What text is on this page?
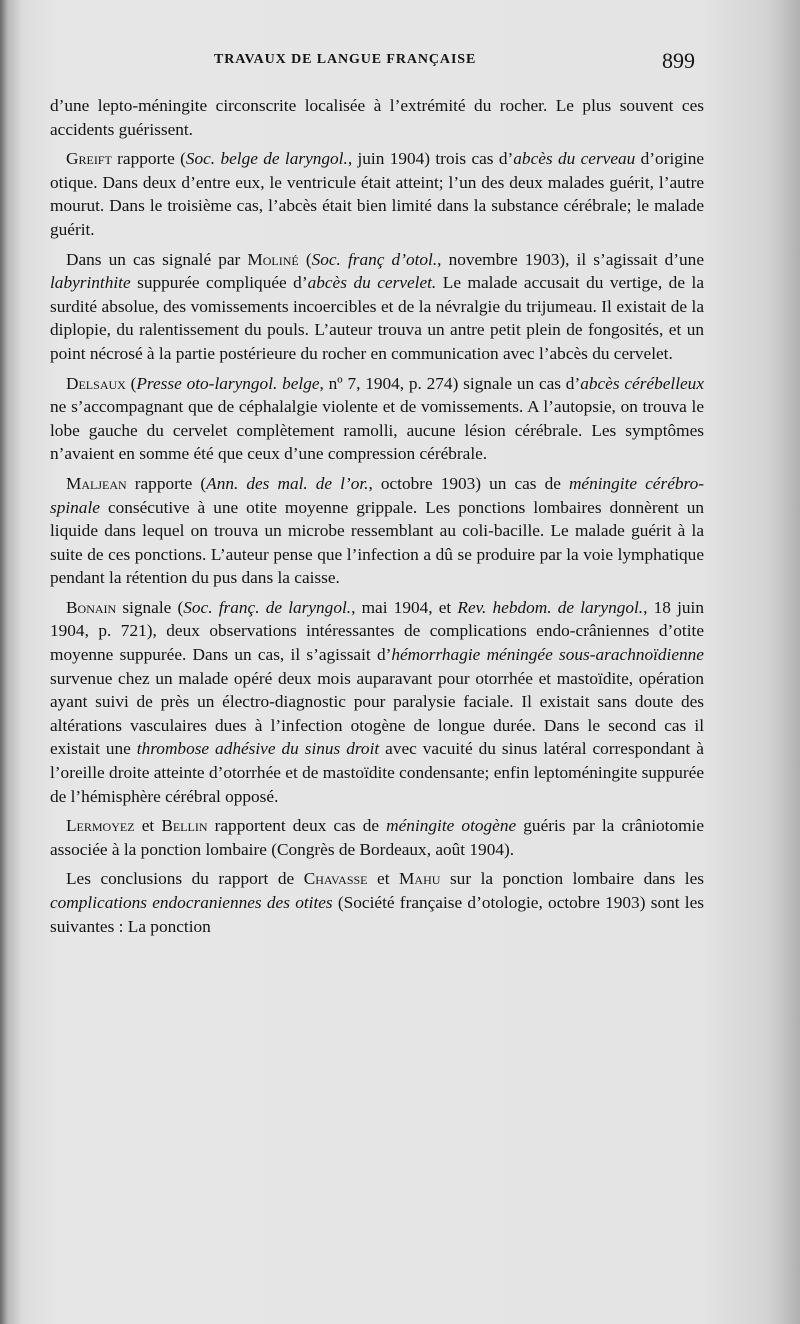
TRAVAUX DE LANGUE FRANÇAISE	899

d’une lepto-méningite circonscrite localisée à l’extrémité du rocher. Le plus souvent ces accidents guérissent.

Greift rapporte (Soc. belge de laryngol., juin 1904) trois cas d’abcès du cerveau d’origine otique. Dans deux d’entre eux, le ventricule était atteint; l’un des deux malades guérit, l’autre mourut. Dans le troisième cas, l’abcès était bien limité dans la substance cérébrale; le malade guérit.

Dans un cas signalé par Moliné (Soc. franç d’otol., novembre 1903), il s’agissait d’une labyrinthite suppurée compliquée d’abcès du cervelet. Le malade accusait du vertige, de la surdité absolue, des vomissements incoercibles et de la névralgie du trijumeau. Il existait de la diplopie, du ralentissement du pouls. L’auteur trouva un antre petit plein de fongosités, et un point nécrosé à la partie postérieure du rocher en communication avec l’abcès du cervelet.

Delsaux (Presse oto-laryngol. belge, nº 7, 1904, p. 274) signale un cas d’abcès cérébelleux ne s’accompagnant que de céphalalgie violente et de vomissements. A l’autopsie, on trouva le lobe gauche du cervelet complètement ramolli, aucune lésion cérébrale. Les symptômes n’avaient en somme été que ceux d’une compression cérébrale.

Maljean rapporte (Ann. des mal. de l’or., octobre 1903) un cas de méningite cérébro-spinale consécutive à une otite moyenne grippale. Les ponctions lombaires donnèrent un liquide dans lequel on trouva un microbe ressemblant au coli-bacille. Le malade guérit à la suite de ces ponctions. L’auteur pense que l’infection a dû se produire par la voie lymphatique pendant la rétention du pus dans la caisse.

Bonain signale (Soc. franç. de laryngol., mai 1904, et Rev. hebdom. de laryngol., 18 juin 1904, p. 721), deux observations intéressantes de complications endo-crâniennes d’otite moyenne suppurée. Dans un cas, il s’agissait d’hémorrhagie méningée sous-arachnoïdienne survenue chez un malade opéré deux mois auparavant pour otorrhée et mastoïdite, opération ayant suivi de près un électro-diagnostic pour paralysie faciale. Il existait sans doute des altérations vasculaires dues à l’infection otogène de longue durée. Dans le second cas il existait une thrombose adhésive du sinus droit avec vacuité du sinus latéral correspondant à l’oreille droite atteinte d’otorrhée et de mastoïdite condensante; enfin leptoméningite suppurée de l’hémisphère cérébral opposé.

Lermoyez et Bellin rapportent deux cas de méningite otogène guéris par la crâniotomie associée à la ponction lombaire (Congrès de Bordeaux, août 1904).

Les conclusions du rapport de Chavasse et Mahu sur la ponction lombaire dans les complications endocraniennes des otites (Société française d’otologie, octobre 1903) sont les suivantes : La ponction
